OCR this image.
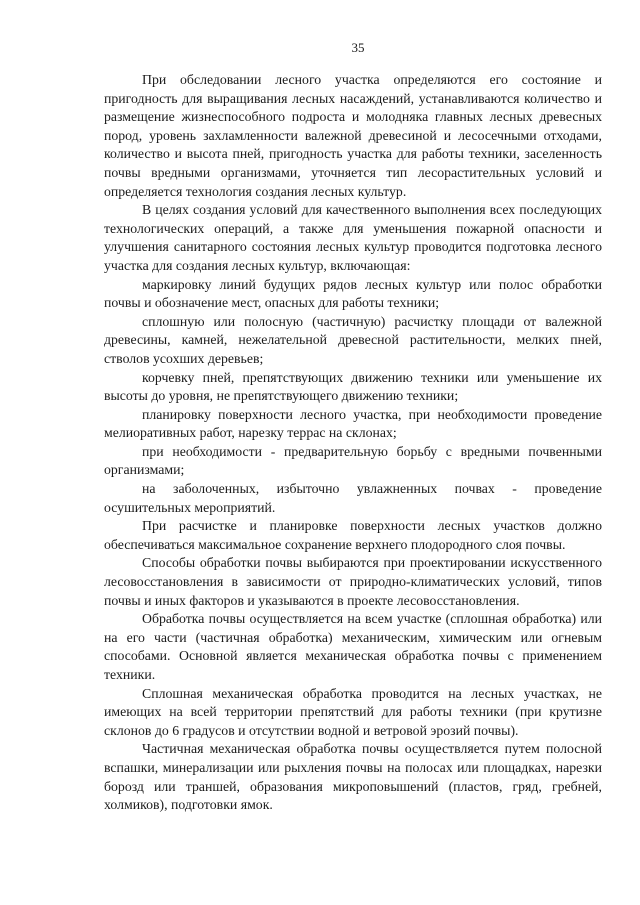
35

При обследовании лесного участка определяются его состояние и пригодность для выращивания лесных насаждений, устанавливаются количество и размещение жизнеспособного подроста и молодняка главных лесных древесных пород, уровень захламленности валежной древесиной и лесосечными отходами, количество и высота пней, пригодность участка для работы техники, заселенность почвы вредными организмами, уточняется тип лесорастительных условий и определяется технология создания лесных культур.

В целях создания условий для качественного выполнения всех последующих технологических операций, а также для уменьшения пожарной опасности и улучшения санитарного состояния лесных культур проводится подготовка лесного участка для создания лесных культур, включающая:

маркировку линий будущих рядов лесных культур или полос обработки почвы и обозначение мест, опасных для работы техники;

сплошную или полосную (частичную) расчистку площади от валежной древесины, камней, нежелательной древесной растительности, мелких пней, стволов усохших деревьев;

корчевку пней, препятствующих движению техники или уменьшение их высоты до уровня, не препятствующего движению техники;

планировку поверхности лесного участка, при необходимости проведение мелиоративных работ, нарезку террас на склонах;

при необходимости - предварительную борьбу с вредными почвенными организмами;

на заболоченных, избыточно увлажненных почвах - проведение осушительных мероприятий.

При расчистке и планировке поверхности лесных участков должно обеспечиваться максимальное сохранение верхнего плодородного слоя почвы.

Способы обработки почвы выбираются при проектировании искусственного лесовосстановления в зависимости от природно-климатических условий, типов почвы и иных факторов и указываются в проекте лесовосстановления.

Обработка почвы осуществляется на всем участке (сплошная обработка) или на его части (частичная обработка) механическим, химическим или огневым способами. Основной является механическая обработка почвы с применением техники.

Сплошная механическая обработка проводится на лесных участках, не имеющих на всей территории препятствий для работы техники (при крутизне склонов до 6 градусов и отсутствии водной и ветровой эрозий почвы).

Частичная механическая обработка почвы осуществляется путем полосной вспашки, минерализации или рыхления почвы на полосах или площадках, нарезки борозд или траншей, образования микроповышений (пластов, гряд, гребней, холмиков), подготовки ямок.
